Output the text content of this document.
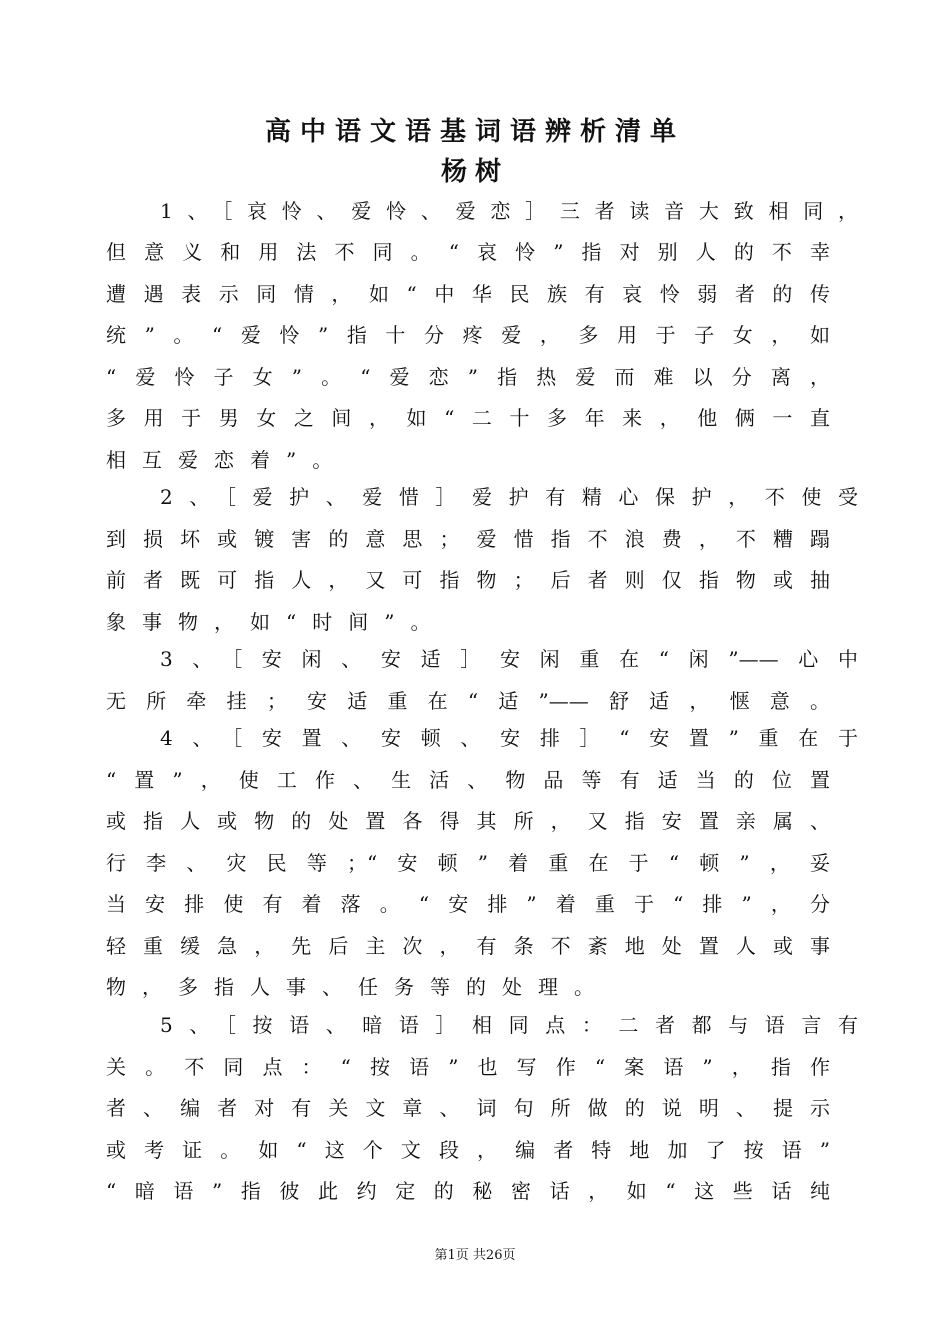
高中语文语基词语辨析清单
杨树
1、［哀怜、爱怜、爱恋］三者读音大致相同，
但意义和用法不同。“哀怜”指对别人的不幸
遭遇表示同情，如“中华民族有哀怜弱者的传
统”。“爱怜”指十分疼爱，多用于子女，如
“爱怜子女”。“爱恋”指热爱而难以分离，
多用于男女之间，如“二十多年来，他俩一直
相互爱恋着”。
2、［爱护、爱惜］爱护有精心保护，不使受
到损坏或镀害的意思；爱惜指不浪费，不糟蹋
前者既可指人，又可指物；后者则仅指物或抽
象事物，如“时间”。
3、［安闲、安适］安闲重在“闲”——心中
无所牵挂；安适重在“适”——舒适，惬意。
4、［安置、安顿、安排］“安置”重在于
“置”，使工作、生活、物品等有适当的位置
或指人或物的处置各得其所，又指安置亲属、
行李、灾民等；“安顿”着重在于“顿”，妥
当安排使有着落。“安排”着重于“排”，分
轻重缓急，先后主次，有条不紊地处置人或事
物，多指人事、任务等的处理。
5、［按语、暗语］相同点：二者都与语言有
关。不同点：“按语”也写作“案语”，指作
者、编者对有关文章、词句所做的说明、提示
或考证。如“这个文段，编者特地加了按语”
“暗语”指彼此约定的秘密话，如“这些话纯
第1页 共26页
